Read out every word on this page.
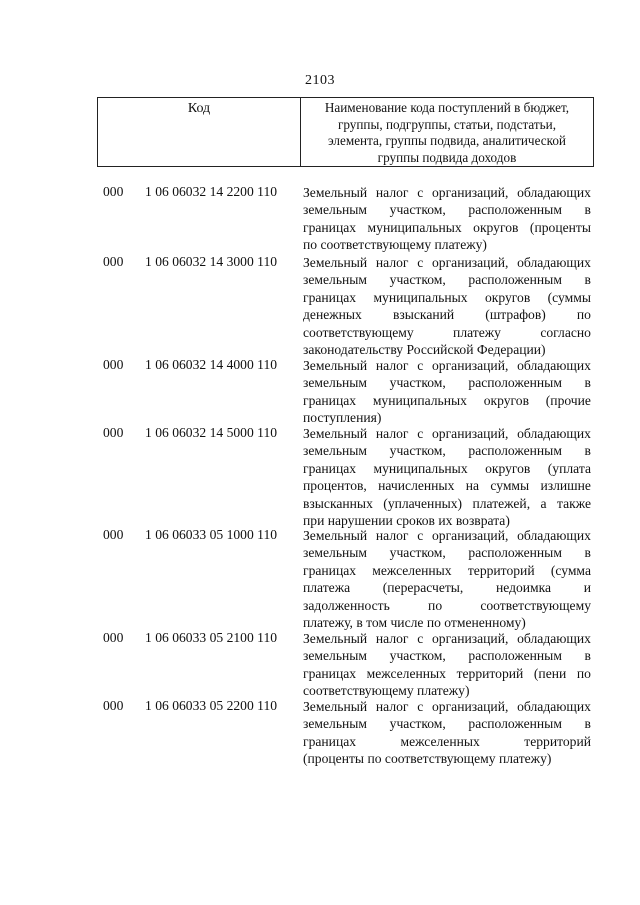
2103
Код	Наименование кода поступлений в бюджет,
группы, подгруппы, статьи, подстатьи,
элемента, группы подвида, аналитической
группы подвида доходов
000 1 06 06032 14 2200 110 Земельный налог с организаций, обладающих
земельным участком, расположенным в
границах муниципальных округов (проценты
по соответствующему платежу)
000 1 06 06032 14 3000 110 Земельный налог с организаций, обладающих
земельным участком, расположенным в
границах муниципальных округов (суммы
денежных взысканий (штрафов) по
соответствующему	платежу	согласно
законодательству Российской Федерации)
000 1 06 06032 14 4000 110 Земельный налог с организаций, обладающих
земельным участком, расположенным в
границах муниципальных округов (прочие
поступления)
000 1 06 06032 14 5000 110 Земельный налог с организаций, обладающих
земельным участком, расположенным в
границах муниципальных округов (уплата
процентов, начисленных на суммы излишне
взысканных (уплаченных) платежей, а также
при нарушении сроков их возврата)
000 1 06 06033 05 1000 110 Земельный налог с организаций, обладающих
земельным участком, расположенным в
границах межселенных территорий (сумма
платежа (перерасчеты, недоимка и
задолженность	по	соответствующему
платежу, в том числе по отмененному)
000 1 06 06033 05 2100 110 Земельный налог с организаций, обладающих
земельным участком, расположенным в
границах межселенных территорий (пени по
соответствующему платежу)
000 1 06 06033 05 2200 110 Земельный налог с организаций, обладающих
земельным участком, расположенным в
границах	межселенных	территорий
(проценты по соответствующему платежу)
